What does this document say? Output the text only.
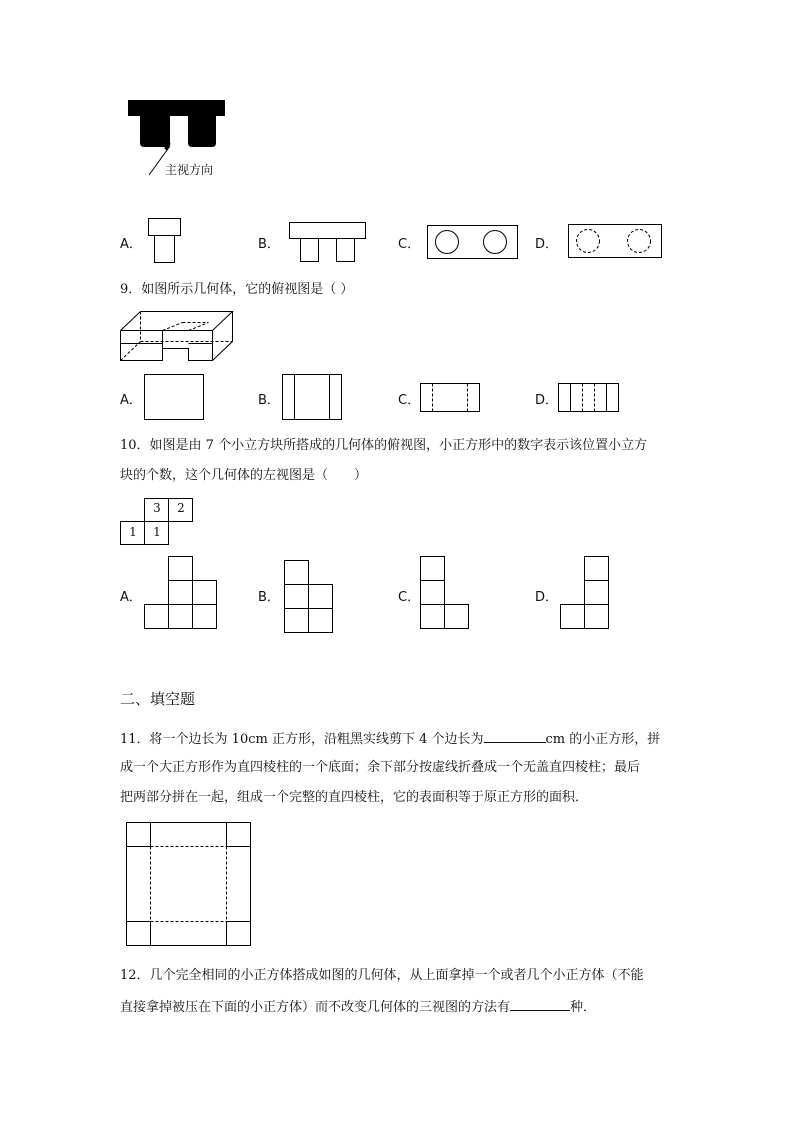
主视方向
A．	B．	C．	D．
9．如图所示几何体，它的俯视图是（ ）
A．	B．	C．	D．
10．如图是由 7 个小立方块所搭成的几何体的俯视图，小正方形中的数字表示该位置小立方
块的个数，这个几何体的左视图是（　　）
3	2
1	1
A．	B．	C．	D．
二、填空题
11．将一个边长为 10cm 正方形，沿粗黑实线剪下 4 个边长为	cm 的小正方形，拼
成一个大正方形作为直四棱柱的一个底面；余下部分按虚线折叠成一个无盖直四棱柱；最后
把两部分拼在一起，组成一个完整的直四棱柱，它的表面积等于原正方形的面积．
12．几个完全相同的小正方体搭成如图的几何体，从上面拿掉一个或者几个小正方体（不能
直接拿掉被压在下面的小正方体）而不改变几何体的三视图的方法有	种．
